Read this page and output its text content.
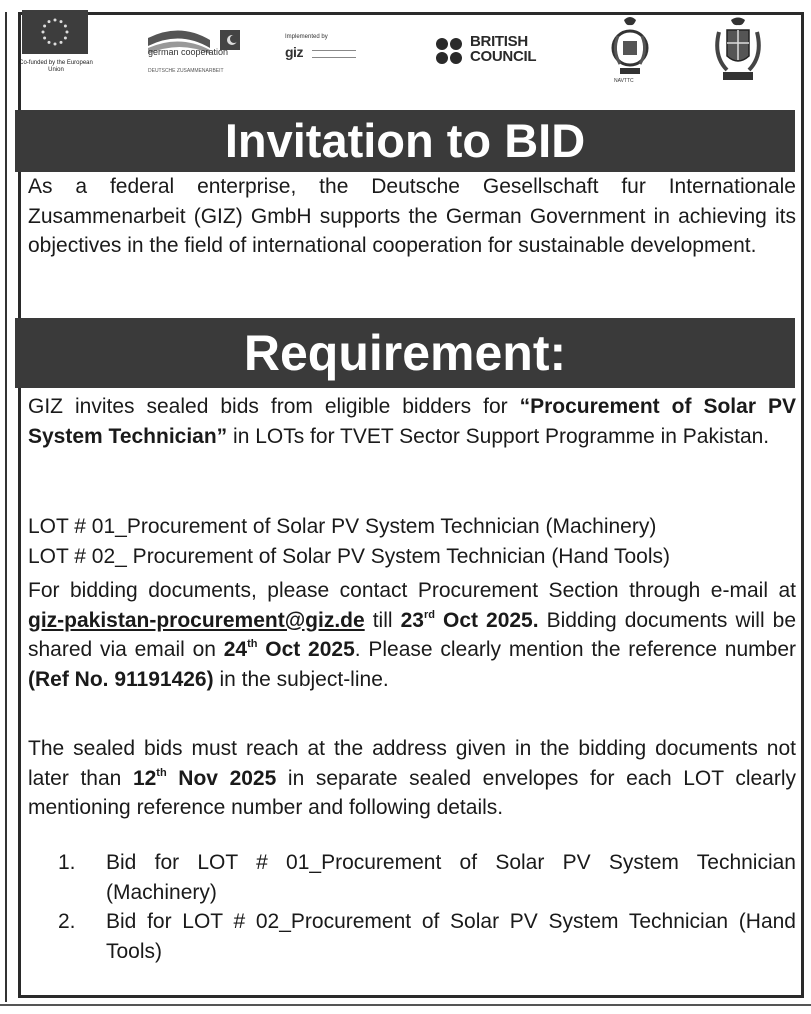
Co-funded by the European Union
german cooperation
DEUTSCHE ZUSAMMENARBEIT
Implemented by
giz
BRITISH
COUNCIL
NAVTTC
Invitation to BID
As a federal enterprise, the Deutsche Gesellschaft fur Internationale Zusammenarbeit (GIZ) GmbH supports the German Government in achieving its objectives in the field of international cooperation for sustainable development.
Requirement:
GIZ invites sealed bids from eligible bidders for “Procurement of Solar PV System Technician” in LOTs for TVET Sector Support Programme in Pakistan.
LOT # 01_Procurement of Solar PV System Technician (Machinery)
LOT # 02_ Procurement of Solar PV System Technician (Hand Tools)
For bidding documents, please contact Procurement Section through e-mail at giz-pakistan-procurement@giz.de till 23rd Oct 2025. Bidding documents will be shared via email on 24th Oct 2025. Please clearly mention the reference number (Ref No. 91191426) in the subject-line.
The sealed bids must reach at the address given in the bidding documents not later than 12th Nov 2025 in separate sealed envelopes for each LOT clearly mentioning reference number and following details.
1. Bid for LOT # 01_Procurement of Solar PV System Technician (Machinery)
2. Bid for LOT # 02_Procurement of Solar PV System Technician (Hand Tools)
